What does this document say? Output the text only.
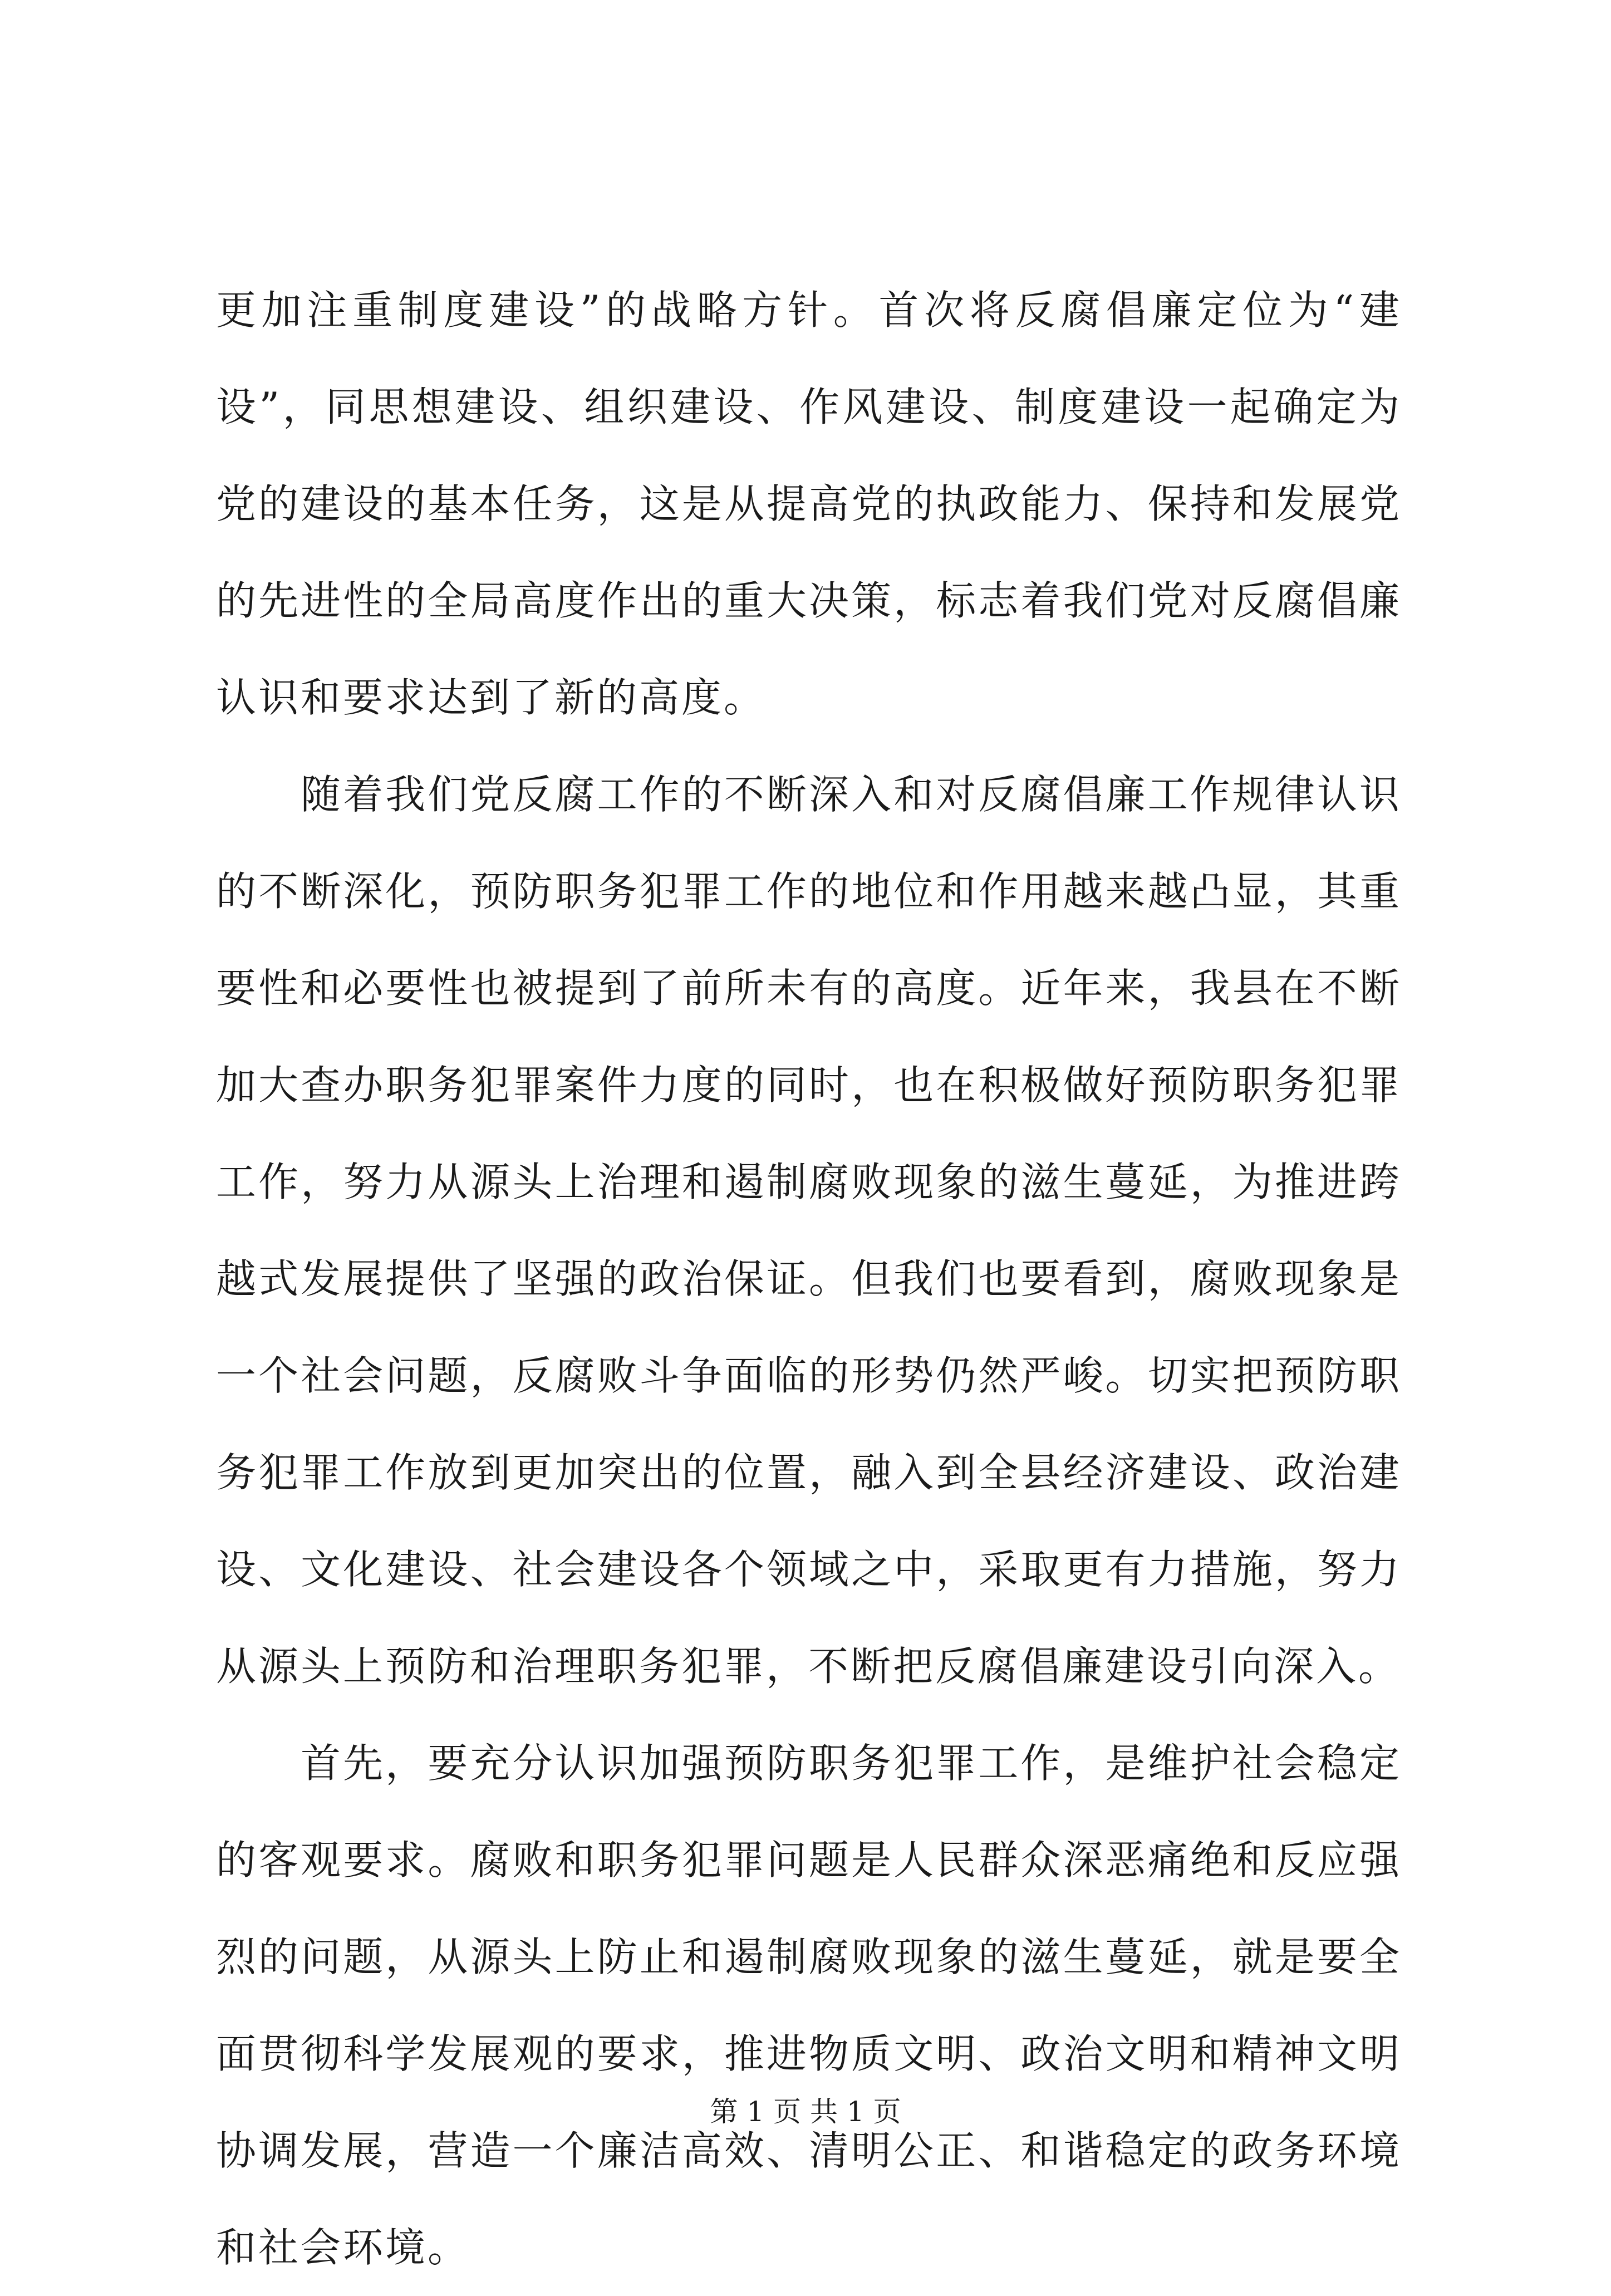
更加注重制度建设”的战略方针。首次将反腐倡廉定位为“建设”，同思想建设、组织建设、作风建设、制度建设一起确定为党的建设的基本任务，这是从提高党的执政能力、保持和发展党的先进性的全局高度作出的重大决策，标志着我们党对反腐倡廉认识和要求达到了新的高度。

随着我们党反腐工作的不断深入和对反腐倡廉工作规律认识的不断深化，预防职务犯罪工作的地位和作用越来越凸显，其重要性和必要性也被提到了前所未有的高度。近年来，我县在不断加大查办职务犯罪案件力度的同时，也在积极做好预防职务犯罪工作，努力从源头上治理和遏制腐败现象的滋生蔓延，为推进跨越式发展提供了坚强的政治保证。但我们也要看到，腐败现象是一个社会问题，反腐败斗争面临的形势仍然严峻。切实把预防职务犯罪工作放到更加突出的位置，融入到全县经济建设、政治建设、文化建设、社会建设各个领域之中，采取更有力措施，努力从源头上预防和治理职务犯罪，不断把反腐倡廉建设引向深入。

首先，要充分认识加强预防职务犯罪工作，是维护社会稳定的客观要求。腐败和职务犯罪问题是人民群众深恶痛绝和反应强烈的问题，从源头上防止和遏制腐败现象的滋生蔓延，就是要全面贯彻科学发展观的要求，推进物质文明、政治文明和精神文明协调发展，营造一个廉洁高效、清明公正、和谐稳定的政务环境和社会环境。

第 1 页 共 1 页
